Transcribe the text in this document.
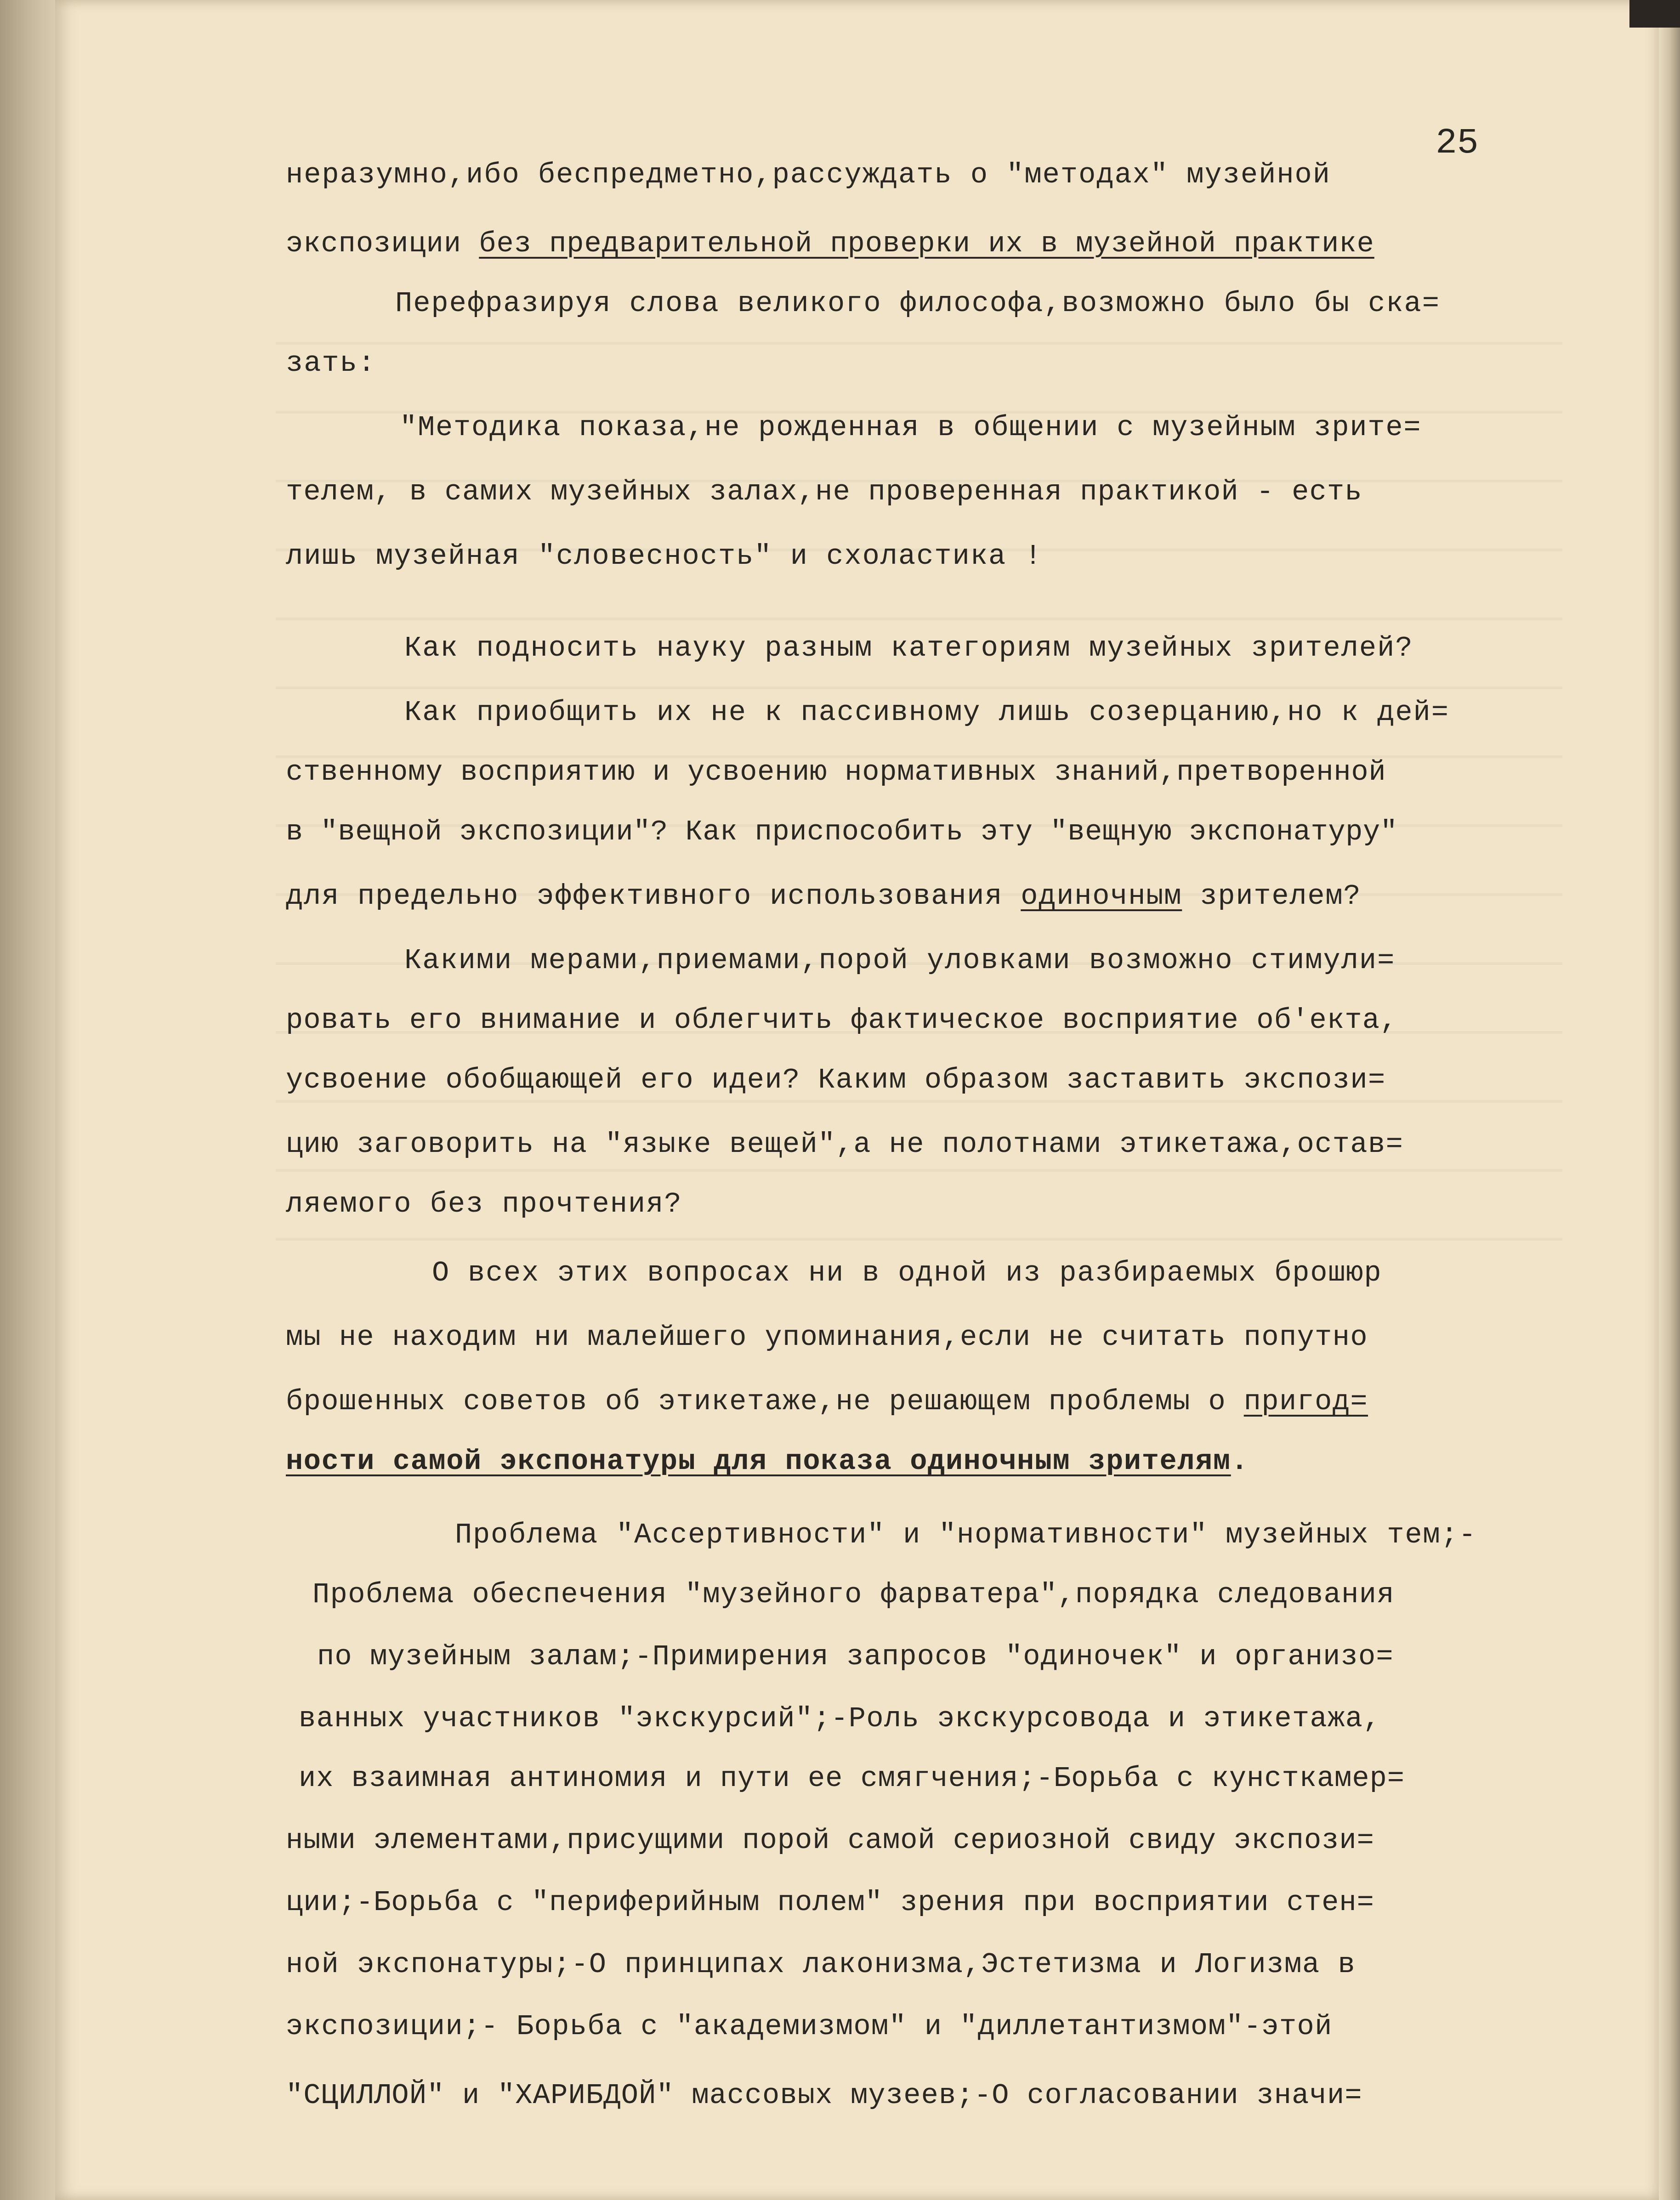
25
неразумно,ибо беспредметно,рассуждать о "методах" музейной
экспозиции без предварительной проверки их в музейной практике
Перефразируя слова великого философа,возможно было бы ска=
зать:
"Методика показа,не рожденная в общении с музейным зрите=
телем, в самих музейных залах,не проверенная прaктикой - есть
лишь музейная "словесность" и схоластика !
Как подносить науку разным категориям музейных зрителей?
Как приобщить их не к пассивному лишь созерцанию,но к дей=
ственному восприятию и усвоению нормативных знаний,претворенной
в "вещной экспозиции"? Как приспособить эту "вещную экспонатуру"
для предельно эффективного использования одиночным зрителем?
Какими мерами,приемами,порой уловками возможно стимули=
ровать его внимание и облегчить фактическое восприятие об'екта,
усвоение обобщающей его идеи? Каким образом заставить экспози=
цию заговорить на "языке вещей",а не полотнами этикетажа,остав=
ляемого без прочтения?
О всех этих вопросах ни в одной из разбираемых брошюр
мы не находим ни малейшего упоминания,если не считать попутно
брошенных советов об этикетаже,не решающем проблемы о пригод=
ности самой экспонатуры для показа одиночным зрителям.
Проблема "Ассертивности" и "нормативности" музейных тем;-
Проблема обеспечения "музейного фарватера",порядка следования
по музейным залам;-Примирения запросов "одиночек" и организо=
ванных участников "экскурсий";-Роль экскурсовода и этикетажа,
их взаимная антиномия и пути ее смягчения;-Борьба с кунсткамер=
ными элементами,присущими порой самой сериозной свиду экспози=
ции;-Борьба с "периферийным полем" зрения при восприятии стен=
ной экспонатуры;-О принципах лаконизма,Эстетизма и Логизма в
экспозиции;- Борьба с "академизмом" и "диллетантизмом"-этой
"СЦИЛЛОЙ" и "ХАРИБДОЙ" массовых музеев;-О согласовании значи=
